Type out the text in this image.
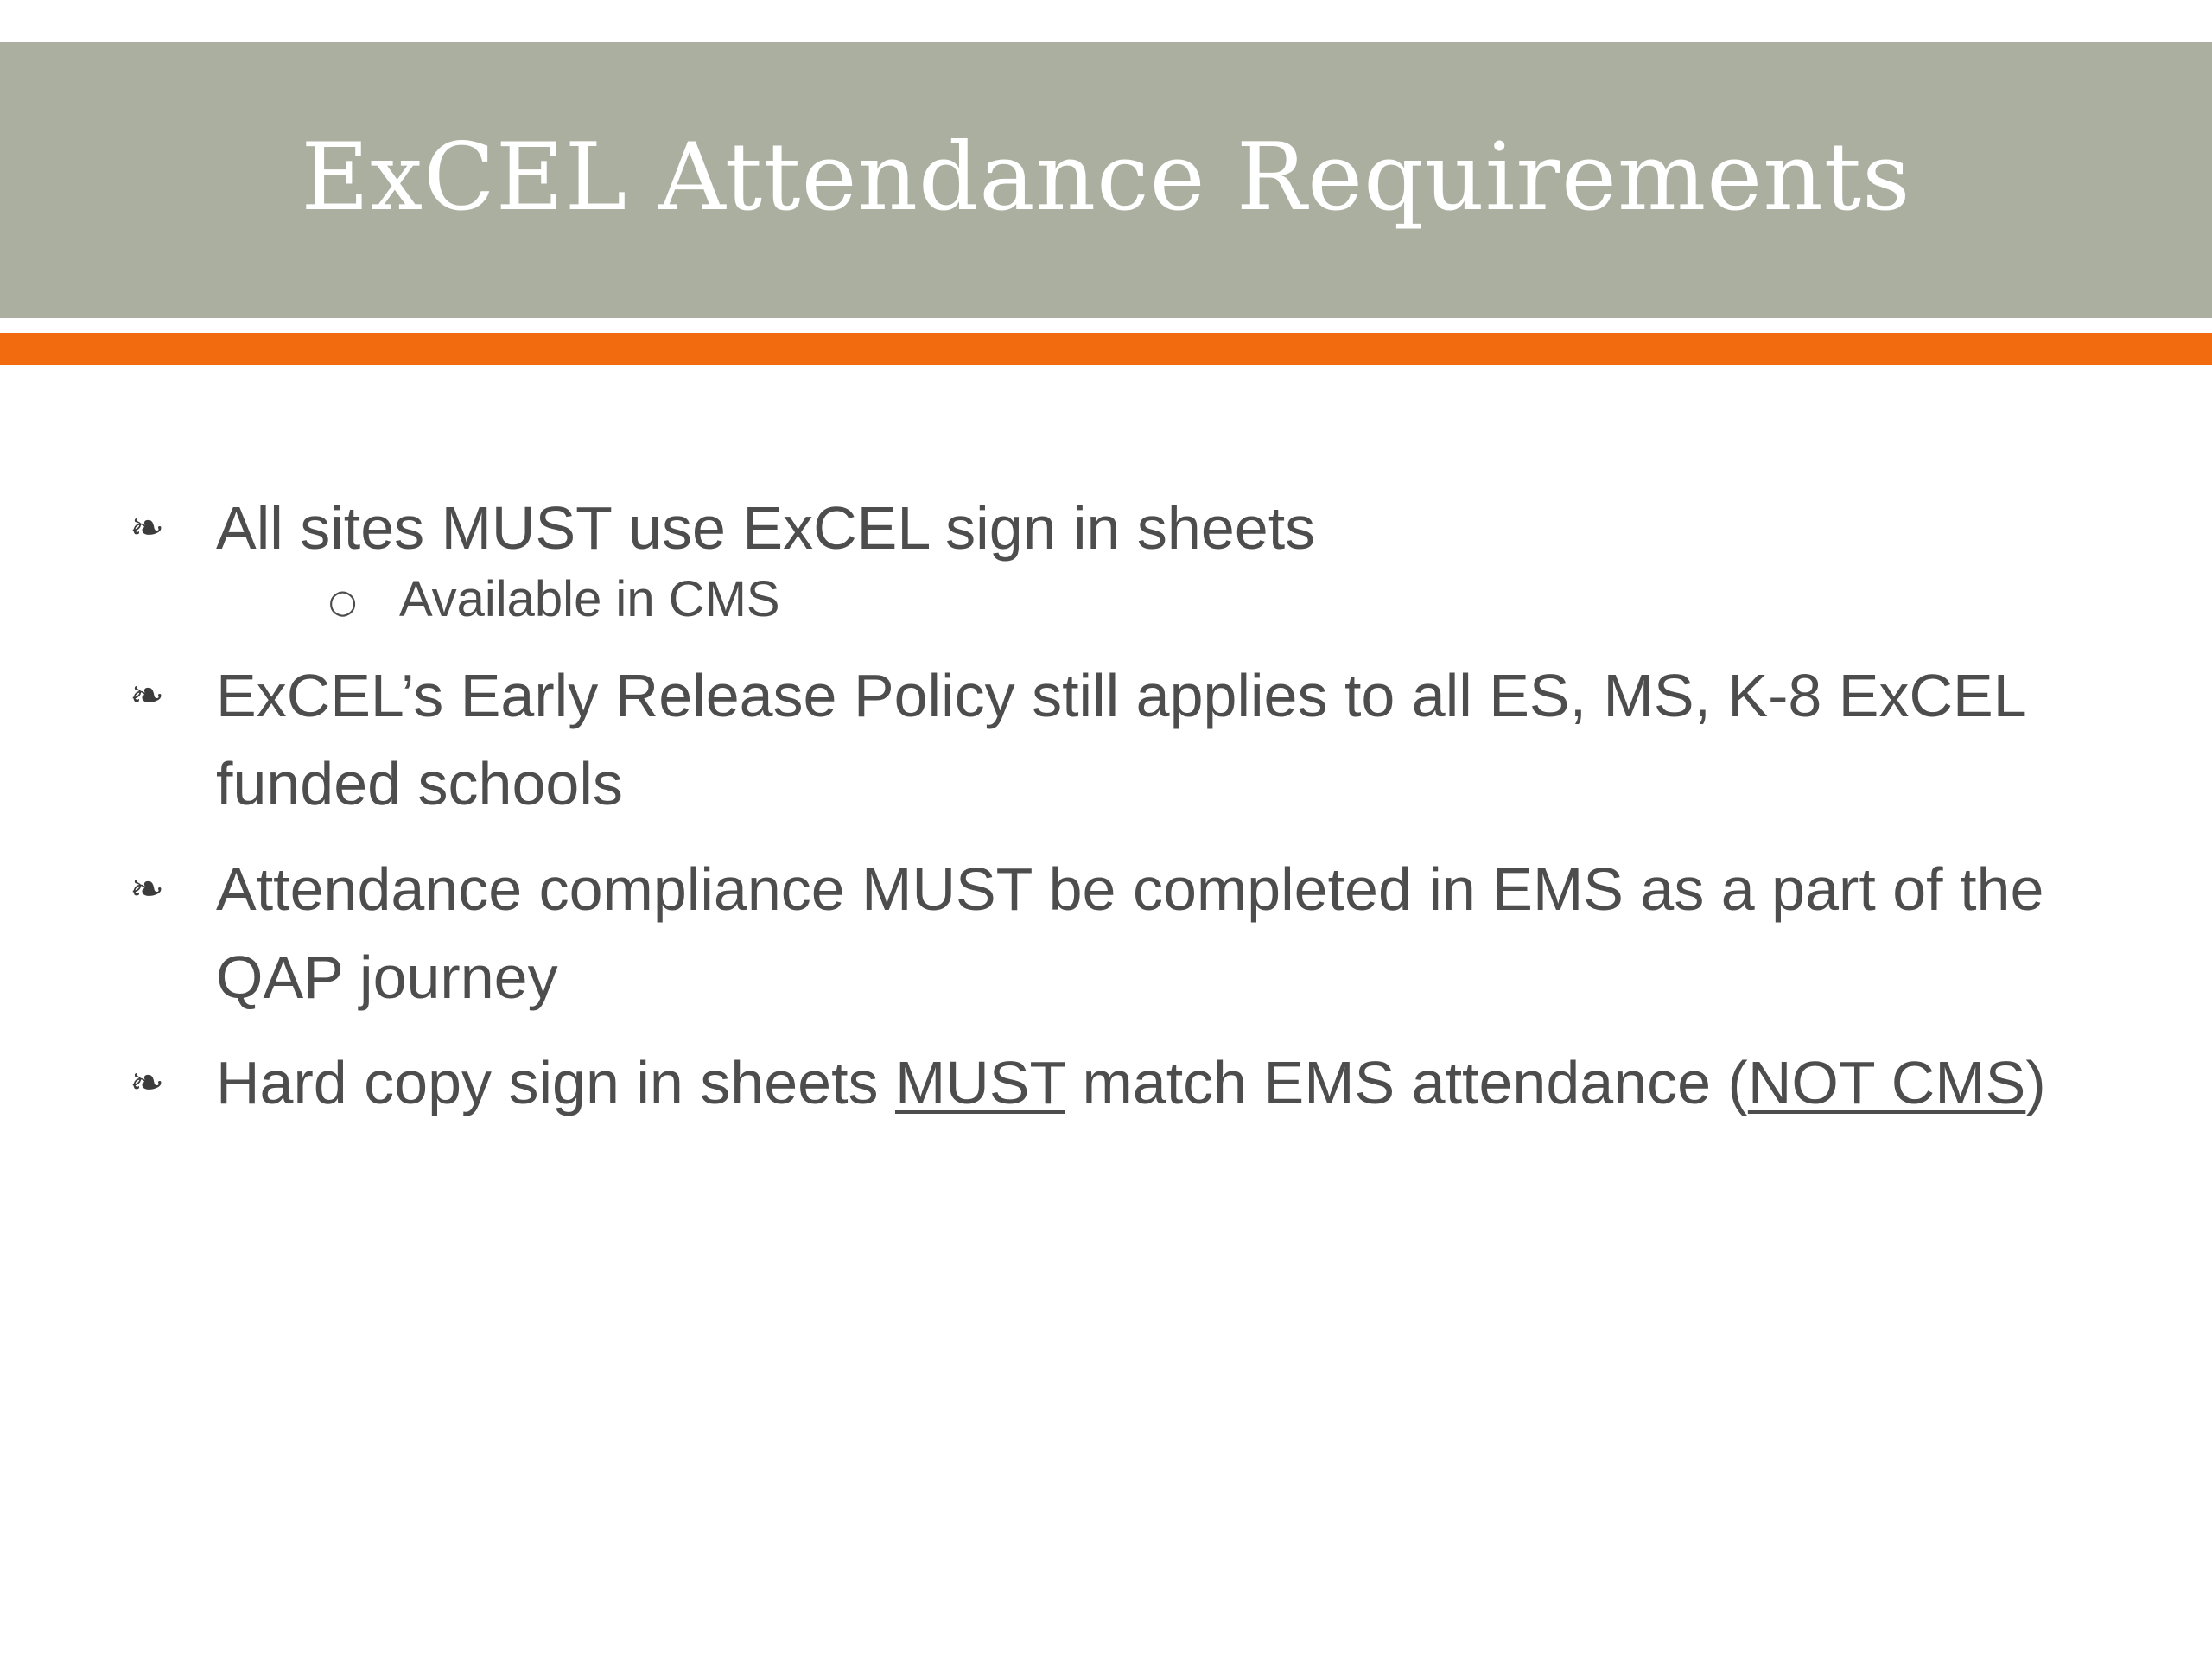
ExCEL Attendance Requirements
❧ All sites MUST use ExCEL sign in sheets
○ Available in CMS
❧ ExCEL’s Early Release Policy still applies to all ES, MS, K-8 ExCEL funded schools
❧ Attendance compliance MUST be completed in EMS as a part of the QAP journey
❧ Hard copy sign in sheets MUST match EMS attendance (NOT CMS)
